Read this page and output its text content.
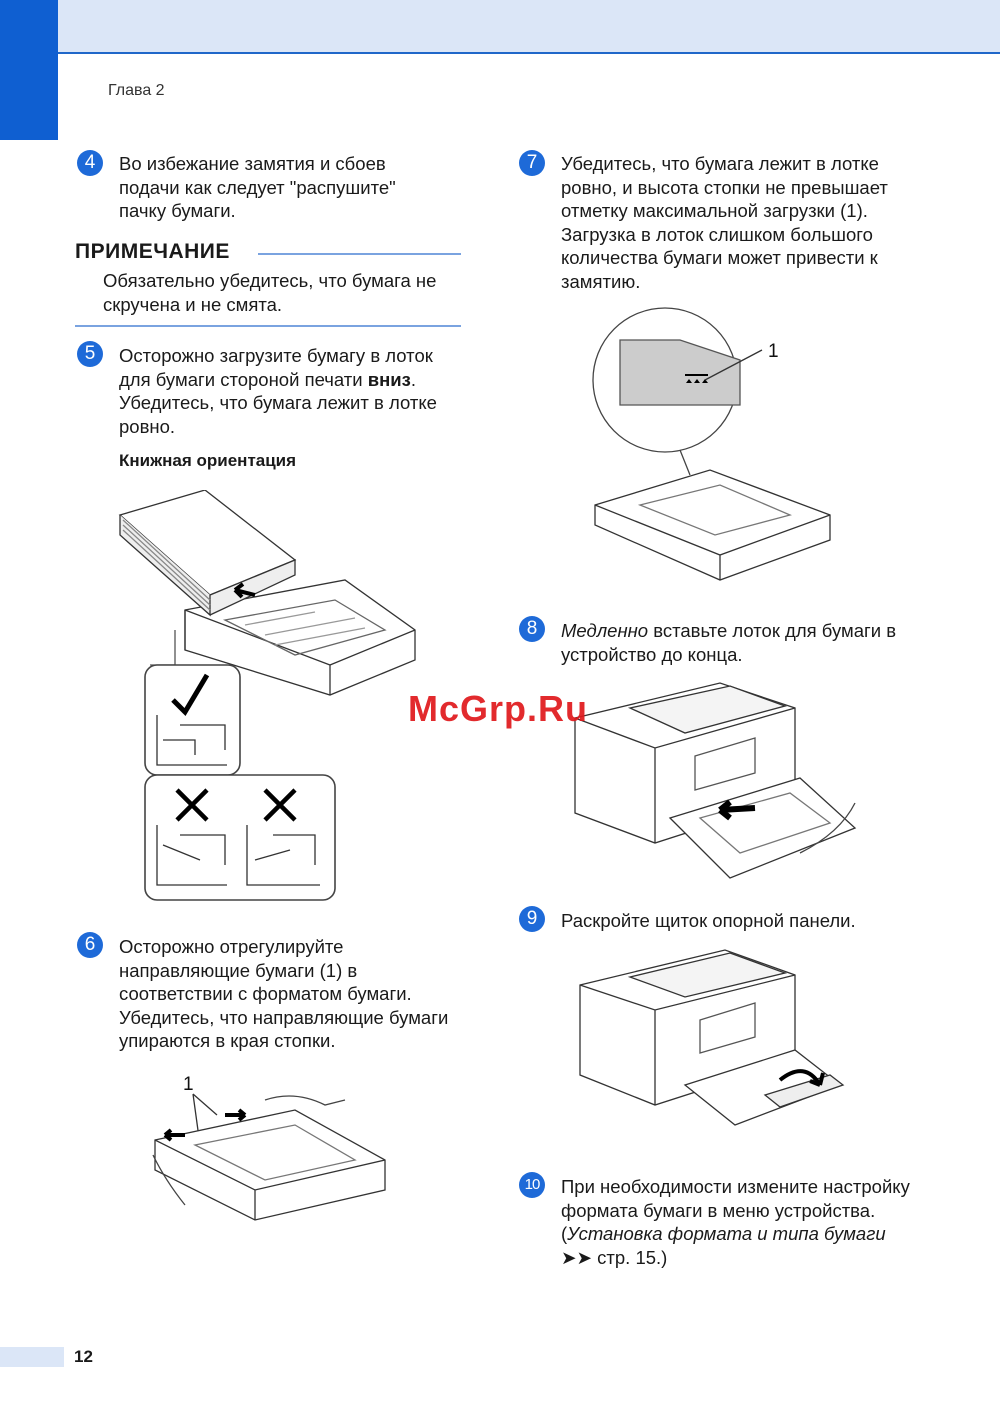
Глава 2
4	Во избежание замятия и сбоев подачи как следует "распушите" пачку бумаги.
ПРИМЕЧАНИЕ
Обязательно убедитесь, что бумага не скручена и не смята.
5	Осторожно загрузите бумагу в лоток для бумаги стороной печати вниз. Убедитесь, что бумага лежит в лотке ровно.
Книжная ориентация
6	Осторожно отрегулируйте направляющие бумаги (1) в соответствии с форматом бумаги. Убедитесь, что направляющие бумаги упираются в края стопки.
1
7	Убедитесь, что бумага лежит в лотке ровно, и высота стопки не превышает отметку максимальной загрузки (1). Загрузка в лоток слишком большого количества бумаги может привести к замятию.
1
8	Медленно вставьте лоток для бумаги в устройство до конца.
McGrp.Ru
9	Раскройте щиток опорной панели.
10	При необходимости измените настройку формата бумаги в меню устройства.
(Установка формата и типа бумаги
➤➤ стр. 15.)
12
